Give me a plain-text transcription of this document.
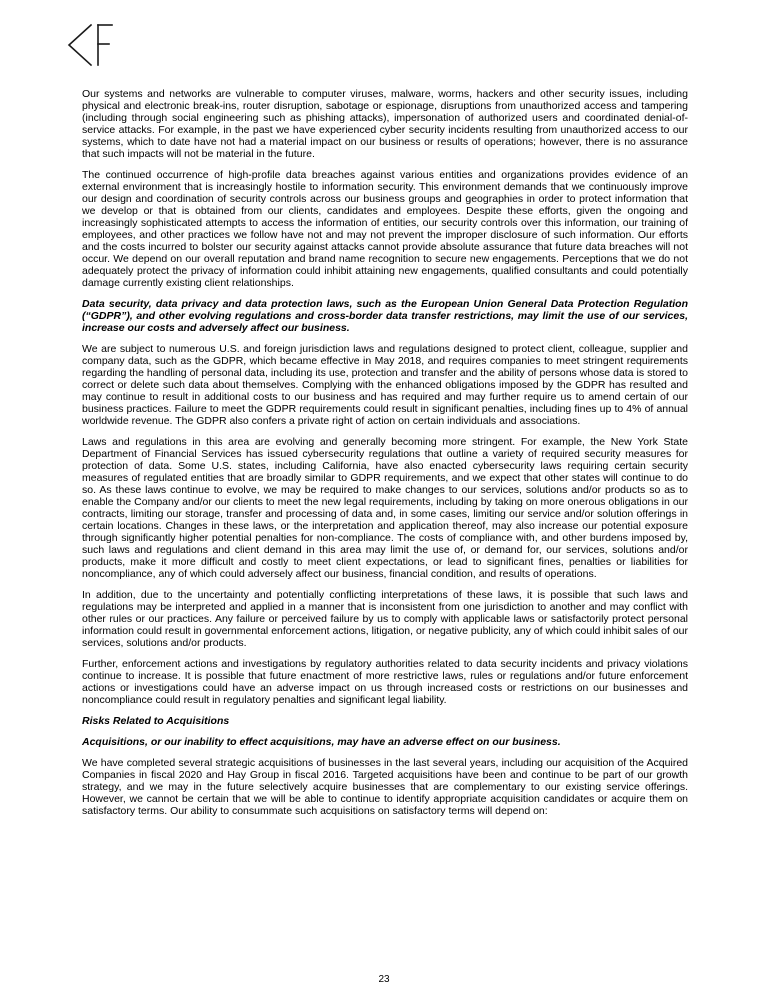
Our systems and networks are vulnerable to computer viruses, malware, worms, hackers and other security issues, including physical and electronic break-ins, router disruption, sabotage or espionage, disruptions from unauthorized access and tampering (including through social engineering such as phishing attacks), impersonation of authorized users and coordinated denial-of-service attacks. For example, in the past we have experienced cyber security incidents resulting from unauthorized access to our systems, which to date have not had a material impact on our business or results of operations; however, there is no assurance that such impacts will not be material in the future.

The continued occurrence of high-profile data breaches against various entities and organizations provides evidence of an external environment that is increasingly hostile to information security. This environment demands that we continuously improve our design and coordination of security controls across our business groups and geographies in order to protect information that we develop or that is obtained from our clients, candidates and employees. Despite these efforts, given the ongoing and increasingly sophisticated attempts to access the information of entities, our security controls over this information, our training of employees, and other practices we follow have not and may not prevent the improper disclosure of such information. Our efforts and the costs incurred to bolster our security against attacks cannot provide absolute assurance that future data breaches will not occur. We depend on our overall reputation and brand name recognition to secure new engagements. Perceptions that we do not adequately protect the privacy of information could inhibit attaining new engagements, qualified consultants and could potentially damage currently existing client relationships.

Data security, data privacy and data protection laws, such as the European Union General Data Protection Regulation (“GDPR”), and other evolving regulations and cross-border data transfer restrictions, may limit the use of our services, increase our costs and adversely affect our business.

We are subject to numerous U.S. and foreign jurisdiction laws and regulations designed to protect client, colleague, supplier and company data, such as the GDPR, which became effective in May 2018, and requires companies to meet stringent requirements regarding the handling of personal data, including its use, protection and transfer and the ability of persons whose data is stored to correct or delete such data about themselves. Complying with the enhanced obligations imposed by the GDPR has resulted and may continue to result in additional costs to our business and has required and may further require us to amend certain of our business practices. Failure to meet the GDPR requirements could result in significant penalties, including fines up to 4% of annual worldwide revenue. The GDPR also confers a private right of action on certain individuals and associations.

Laws and regulations in this area are evolving and generally becoming more stringent. For example, the New York State Department of Financial Services has issued cybersecurity regulations that outline a variety of required security measures for protection of data. Some U.S. states, including California, have also enacted cybersecurity laws requiring certain security measures of regulated entities that are broadly similar to GDPR requirements, and we expect that other states will continue to do so. As these laws continue to evolve, we may be required to make changes to our services, solutions and/or products so as to enable the Company and/or our clients to meet the new legal requirements, including by taking on more onerous obligations in our contracts, limiting our storage, transfer and processing of data and, in some cases, limiting our service and/or solution offerings in certain locations. Changes in these laws, or the interpretation and application thereof, may also increase our potential exposure through significantly higher potential penalties for non-compliance. The costs of compliance with, and other burdens imposed by, such laws and regulations and client demand in this area may limit the use of, or demand for, our services, solutions and/or products, make it more difficult and costly to meet client expectations, or lead to significant fines, penalties or liabilities for noncompliance, any of which could adversely affect our business, financial condition, and results of operations.

In addition, due to the uncertainty and potentially conflicting interpretations of these laws, it is possible that such laws and regulations may be interpreted and applied in a manner that is inconsistent from one jurisdiction to another and may conflict with other rules or our practices. Any failure or perceived failure by us to comply with applicable laws or satisfactorily protect personal information could result in governmental enforcement actions, litigation, or negative publicity, any of which could inhibit sales of our services, solutions and/or products.

Further, enforcement actions and investigations by regulatory authorities related to data security incidents and privacy violations continue to increase. It is possible that future enactment of more restrictive laws, rules or regulations and/or future enforcement actions or investigations could have an adverse impact on us through increased costs or restrictions on our businesses and noncompliance could result in regulatory penalties and significant legal liability.

Risks Related to Acquisitions

Acquisitions, or our inability to effect acquisitions, may have an adverse effect on our business.

We have completed several strategic acquisitions of businesses in the last several years, including our acquisition of the Acquired Companies in fiscal 2020 and Hay Group in fiscal 2016. Targeted acquisitions have been and continue to be part of our growth strategy, and we may in the future selectively acquire businesses that are complementary to our existing service offerings. However, we cannot be certain that we will be able to continue to identify appropriate acquisition candidates or acquire them on satisfactory terms. Our ability to consummate such acquisitions on satisfactory terms will depend on:

23
